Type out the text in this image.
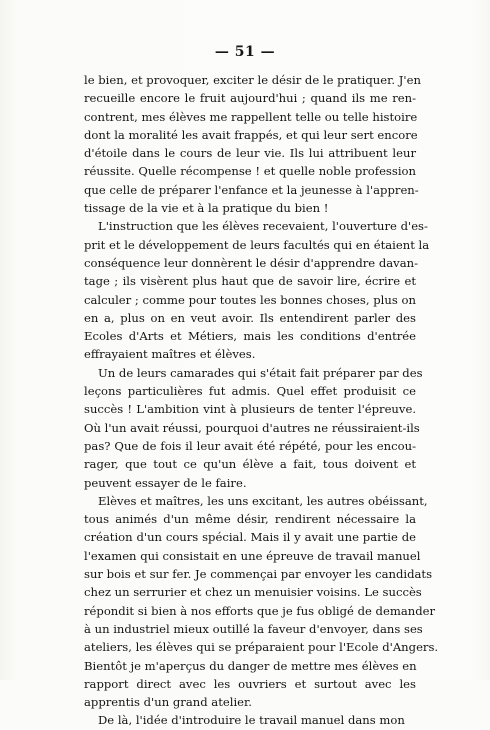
— 51 —
le bien, et provoquer, exciter le désir de le pratiquer. J'en
recueille encore le fruit aujourd'hui ; quand ils me ren-
contrent, mes élèves me rappellent telle ou telle histoire
dont la moralité les avait frappés, et qui leur sert encore
d'étoile dans le cours de leur vie. Ils lui attribuent leur
réussite. Quelle récompense ! et quelle noble profession
que celle de préparer l'enfance et la jeunesse à l'appren-
tissage de la vie et à la pratique du bien !
L'instruction que les élèves recevaient, l'ouverture d'es-
prit et le développement de leurs facultés qui en étaient la
conséquence leur donnèrent le désir d'apprendre davan-
tage ; ils visèrent plus haut que de savoir lire, écrire et
calculer ; comme pour toutes les bonnes choses, plus on
en a, plus on en veut avoir. Ils entendirent parler des
Ecoles d'Arts et Métiers, mais les conditions d'entrée
effrayaient maîtres et élèves.
Un de leurs camarades qui s'était fait préparer par des
leçons particulières fut admis. Quel effet produisit ce
succès ! L'ambition vint à plusieurs de tenter l'épreuve.
Où l'un avait réussi, pourquoi d'autres ne réussiraient-ils
pas? Que de fois il leur avait été répété, pour les encou-
rager, que tout ce qu'un élève a fait, tous doivent et
peuvent essayer de le faire.
Elèves et maîtres, les uns excitant, les autres obéissant,
tous animés d'un même désir, rendirent nécessaire la
création d'un cours spécial. Mais il y avait une partie de
l'examen qui consistait en une épreuve de travail manuel
sur bois et sur fer. Je commençai par envoyer les candidats
chez un serrurier et chez un menuisier voisins. Le succès
répondit si bien à nos efforts que je fus obligé de demander
à un industriel mieux outillé la faveur d'envoyer, dans ses
ateliers, les élèves qui se préparaient pour l'Ecole d'Angers.
Bientôt je m'aperçus du danger de mettre mes élèves en
rapport direct avec les ouvriers et surtout avec les
apprentis d'un grand atelier.
De là, l'idée d'introduire le travail manuel dans mon
